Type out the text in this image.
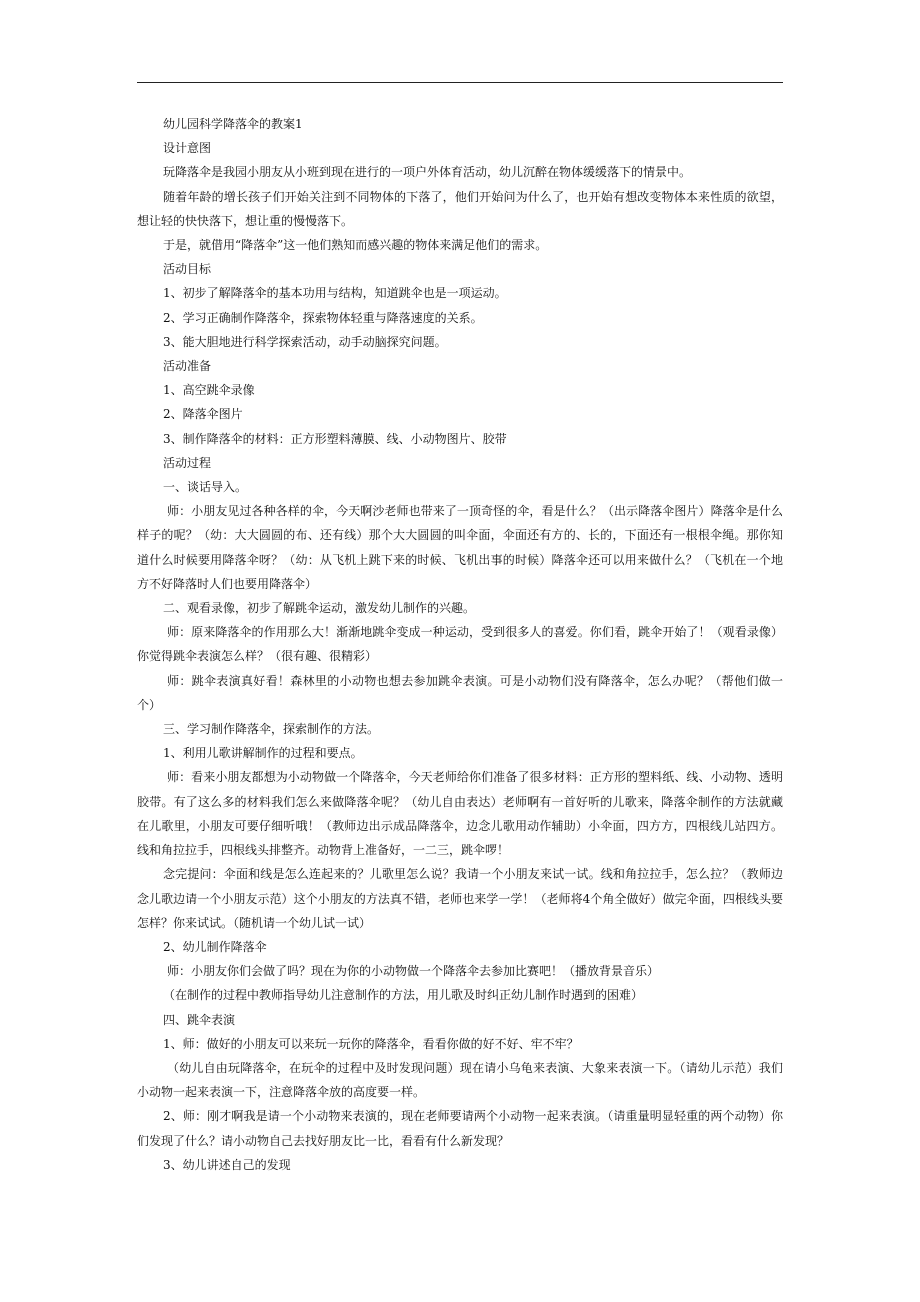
幼儿园科学降落伞的教案1

设计意图

玩降落伞是我园小朋友从小班到现在进行的一项户外体育活动，幼儿沉醉在物体缓缓落下的情景中。

随着年龄的增长孩子们开始关注到不同物体的下落了，他们开始问为什么了，也开始有想改变物体本来性质的欲望，想让轻的快快落下，想让重的慢慢落下。

于是，就借用“降落伞”这一他们熟知而感兴趣的物体来满足他们的需求。

活动目标

1、初步了解降落伞的基本功用与结构，知道跳伞也是一项运动。

2、学习正确制作降落伞，探索物体轻重与降落速度的关系。

3、能大胆地进行科学探索活动，动手动脑探究问题。

活动准备

1、高空跳伞录像

2、降落伞图片

3、制作降落伞的材料：正方形塑料薄膜、线、小动物图片、胶带

活动过程

一、谈话导入。

师：小朋友见过各种各样的伞，今天啊沙老师也带来了一顶奇怪的伞，看是什么？（出示降落伞图片）降落伞是什么样子的呢？（幼：大大圆圆的布、还有线）那个大大圆圆的叫伞面，伞面还有方的、长的，下面还有一根根伞绳。那你知道什么时候要用降落伞呀？（幼：从飞机上跳下来的时候、飞机出事的时候）降落伞还可以用来做什么？（飞机在一个地方不好降落时人们也要用降落伞）

二、观看录像，初步了解跳伞运动，激发幼儿制作的兴趣。

师：原来降落伞的作用那么大！渐渐地跳伞变成一种运动，受到很多人的喜爱。你们看，跳伞开始了！（观看录像）你觉得跳伞表演怎么样？（很有趣、很精彩）

师：跳伞表演真好看！森林里的小动物也想去参加跳伞表演。可是小动物们没有降落伞，怎么办呢？（帮他们做一个）

三、学习制作降落伞，探索制作的方法。

1、利用儿歌讲解制作的过程和要点。

师：看来小朋友都想为小动物做一个降落伞，今天老师给你们准备了很多材料：正方形的塑料纸、线、小动物、透明胶带。有了这么多的材料我们怎么来做降落伞呢？（幼儿自由表达）老师啊有一首好听的儿歌来，降落伞制作的方法就藏在儿歌里，小朋友可要仔细听哦！（教师边出示成品降落伞，边念儿歌用动作辅助）小伞面，四方方，四根线儿站四方。线和角拉拉手，四根线头排整齐。动物背上准备好，一二三，跳伞啰！

念完提问：伞面和线是怎么连起来的？儿歌里怎么说？我请一个小朋友来试一试。线和角拉拉手，怎么拉？（教师边念儿歌边请一个小朋友示范）这个小朋友的方法真不错，老师也来学一学！（老师将4个角全做好）做完伞面，四根线头要怎样？你来试试。（随机请一个幼儿试一试）

2、幼儿制作降落伞

师：小朋友你们会做了吗？现在为你的小动物做一个降落伞去参加比赛吧！（播放背景音乐）

（在制作的过程中教师指导幼儿注意制作的方法，用儿歌及时纠正幼儿制作时遇到的困难）

四、跳伞表演

1、师：做好的小朋友可以来玩一玩你的降落伞，看看你做的好不好、牢不牢？

（幼儿自由玩降落伞，在玩伞的过程中及时发现问题）现在请小乌龟来表演、大象来表演一下。（请幼儿示范）我们小动物一起来表演一下，注意降落伞放的高度要一样。

2、师：刚才啊我是请一个小动物来表演的，现在老师要请两个小动物一起来表演。（请重量明显轻重的两个动物）你们发现了什么？请小动物自己去找好朋友比一比，看看有什么新发现？

3、幼儿讲述自己的发现
